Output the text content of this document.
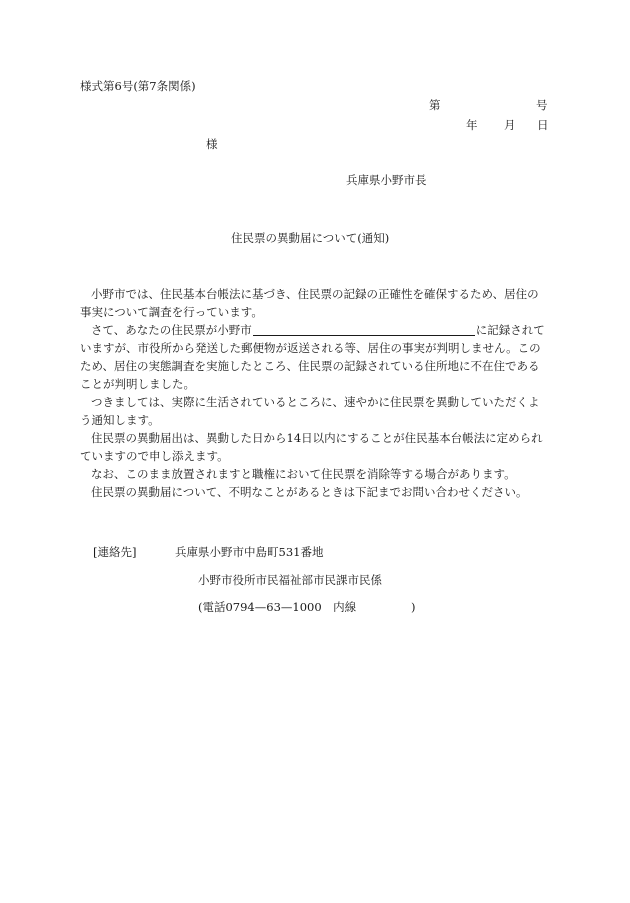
様式第6号(第7条関係)
第	号
年 月 日
様
兵庫県小野市長
住民票の異動届について(通知)

小野市では、住民基本台帳法に基づき、住民票の記録の正確性を確保するため、居住の

事実について調査を行っています。

さて、あなたの住民票が小野市	に記録されて

いますが、市役所から発送した郵便物が返送される等、居住の事実が判明しません。この

ため、居住の実態調査を実施したところ、住民票の記録されている住所地に不在住である

ことが判明しました。

つきましては、実際に生活されているところに、速やかに住民票を異動していただくよ

う通知します。

住民票の異動届出は、異動した日から14日以内にすることが住民基本台帳法に定められ

ていますので申し添えます。

なお、このまま放置されますと職権において住民票を消除等する場合があります。

住民票の異動届について、不明なことがあるときは下記までお問い合わせください。

[連絡先]	兵庫県小野市中島町531番地
小野市役所市民福祉部市民課市民係
(電話0794—63—1000　内線	)
